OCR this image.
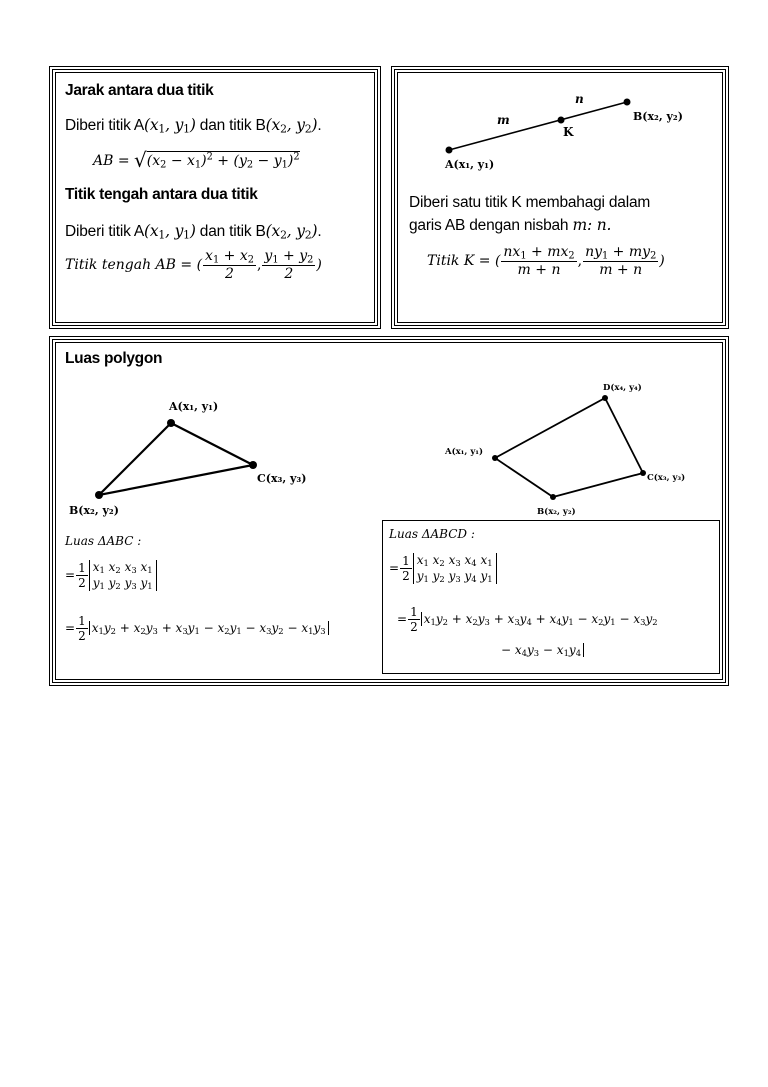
Jarak antara dua titik
Diberi titik $A(x_1$, $y_1$) dan titik $B(x_2$, $y_2$).
AB = $√(x_2 - x_1)^2 + (y_2 - y_1)^2$
Titik tengah antara dua titik
Diberi titik $A(x_1$, $y_1$) dan titik $B(x_2$, $y_2$).
Titik tengah AB = ( $\frac{x_1 + x_2}{2}$ , $\frac{y_1 + y_2}{2}$ )
A(x₁, y₁)
B(x₂, y₂)
K
m
n
Diberi satu titik K membahagi dalam
garis AB dengan nisbah m: n.
Titik K = ( $\frac{nx_1 + mx_2}{m + n}$ , $\frac{ny_1 + my_2}{m + n}$ )
Luas polygon
A(x₁, y₁)
B(x₂, y₂)
C(x₃, y₃)
A(x₁, y₁)
D(x₄, y₄)
C(x₃, y₃)
B(x₂, y₂)
Luas ΔABC :
= $\frac{1}{2} x_1$ $x_2$ $x_3$ $x_1$
$y_1$ $y_2$ $y_3$ $y_1$
= $\frac{1}{2} x_1y_2 + x_2y_3 + x_3y_1 - x_2y_1 - x_3y_2 - x_1y_3$
Luas ΔABCD :
= $\frac{1}{2} x_1$ $x_2$ $x_3$ $x_4$ $x_1$
$y_1$ $y_2$ $y_3$ $y_4$ $y_1$
= $\frac{1}{2} x_1y_2 + x_2y_3 + x_3y_4 + x_4y_1 - x_2y_1 - x_3y_2$
− $x_4y_3 - x_1y_4$
